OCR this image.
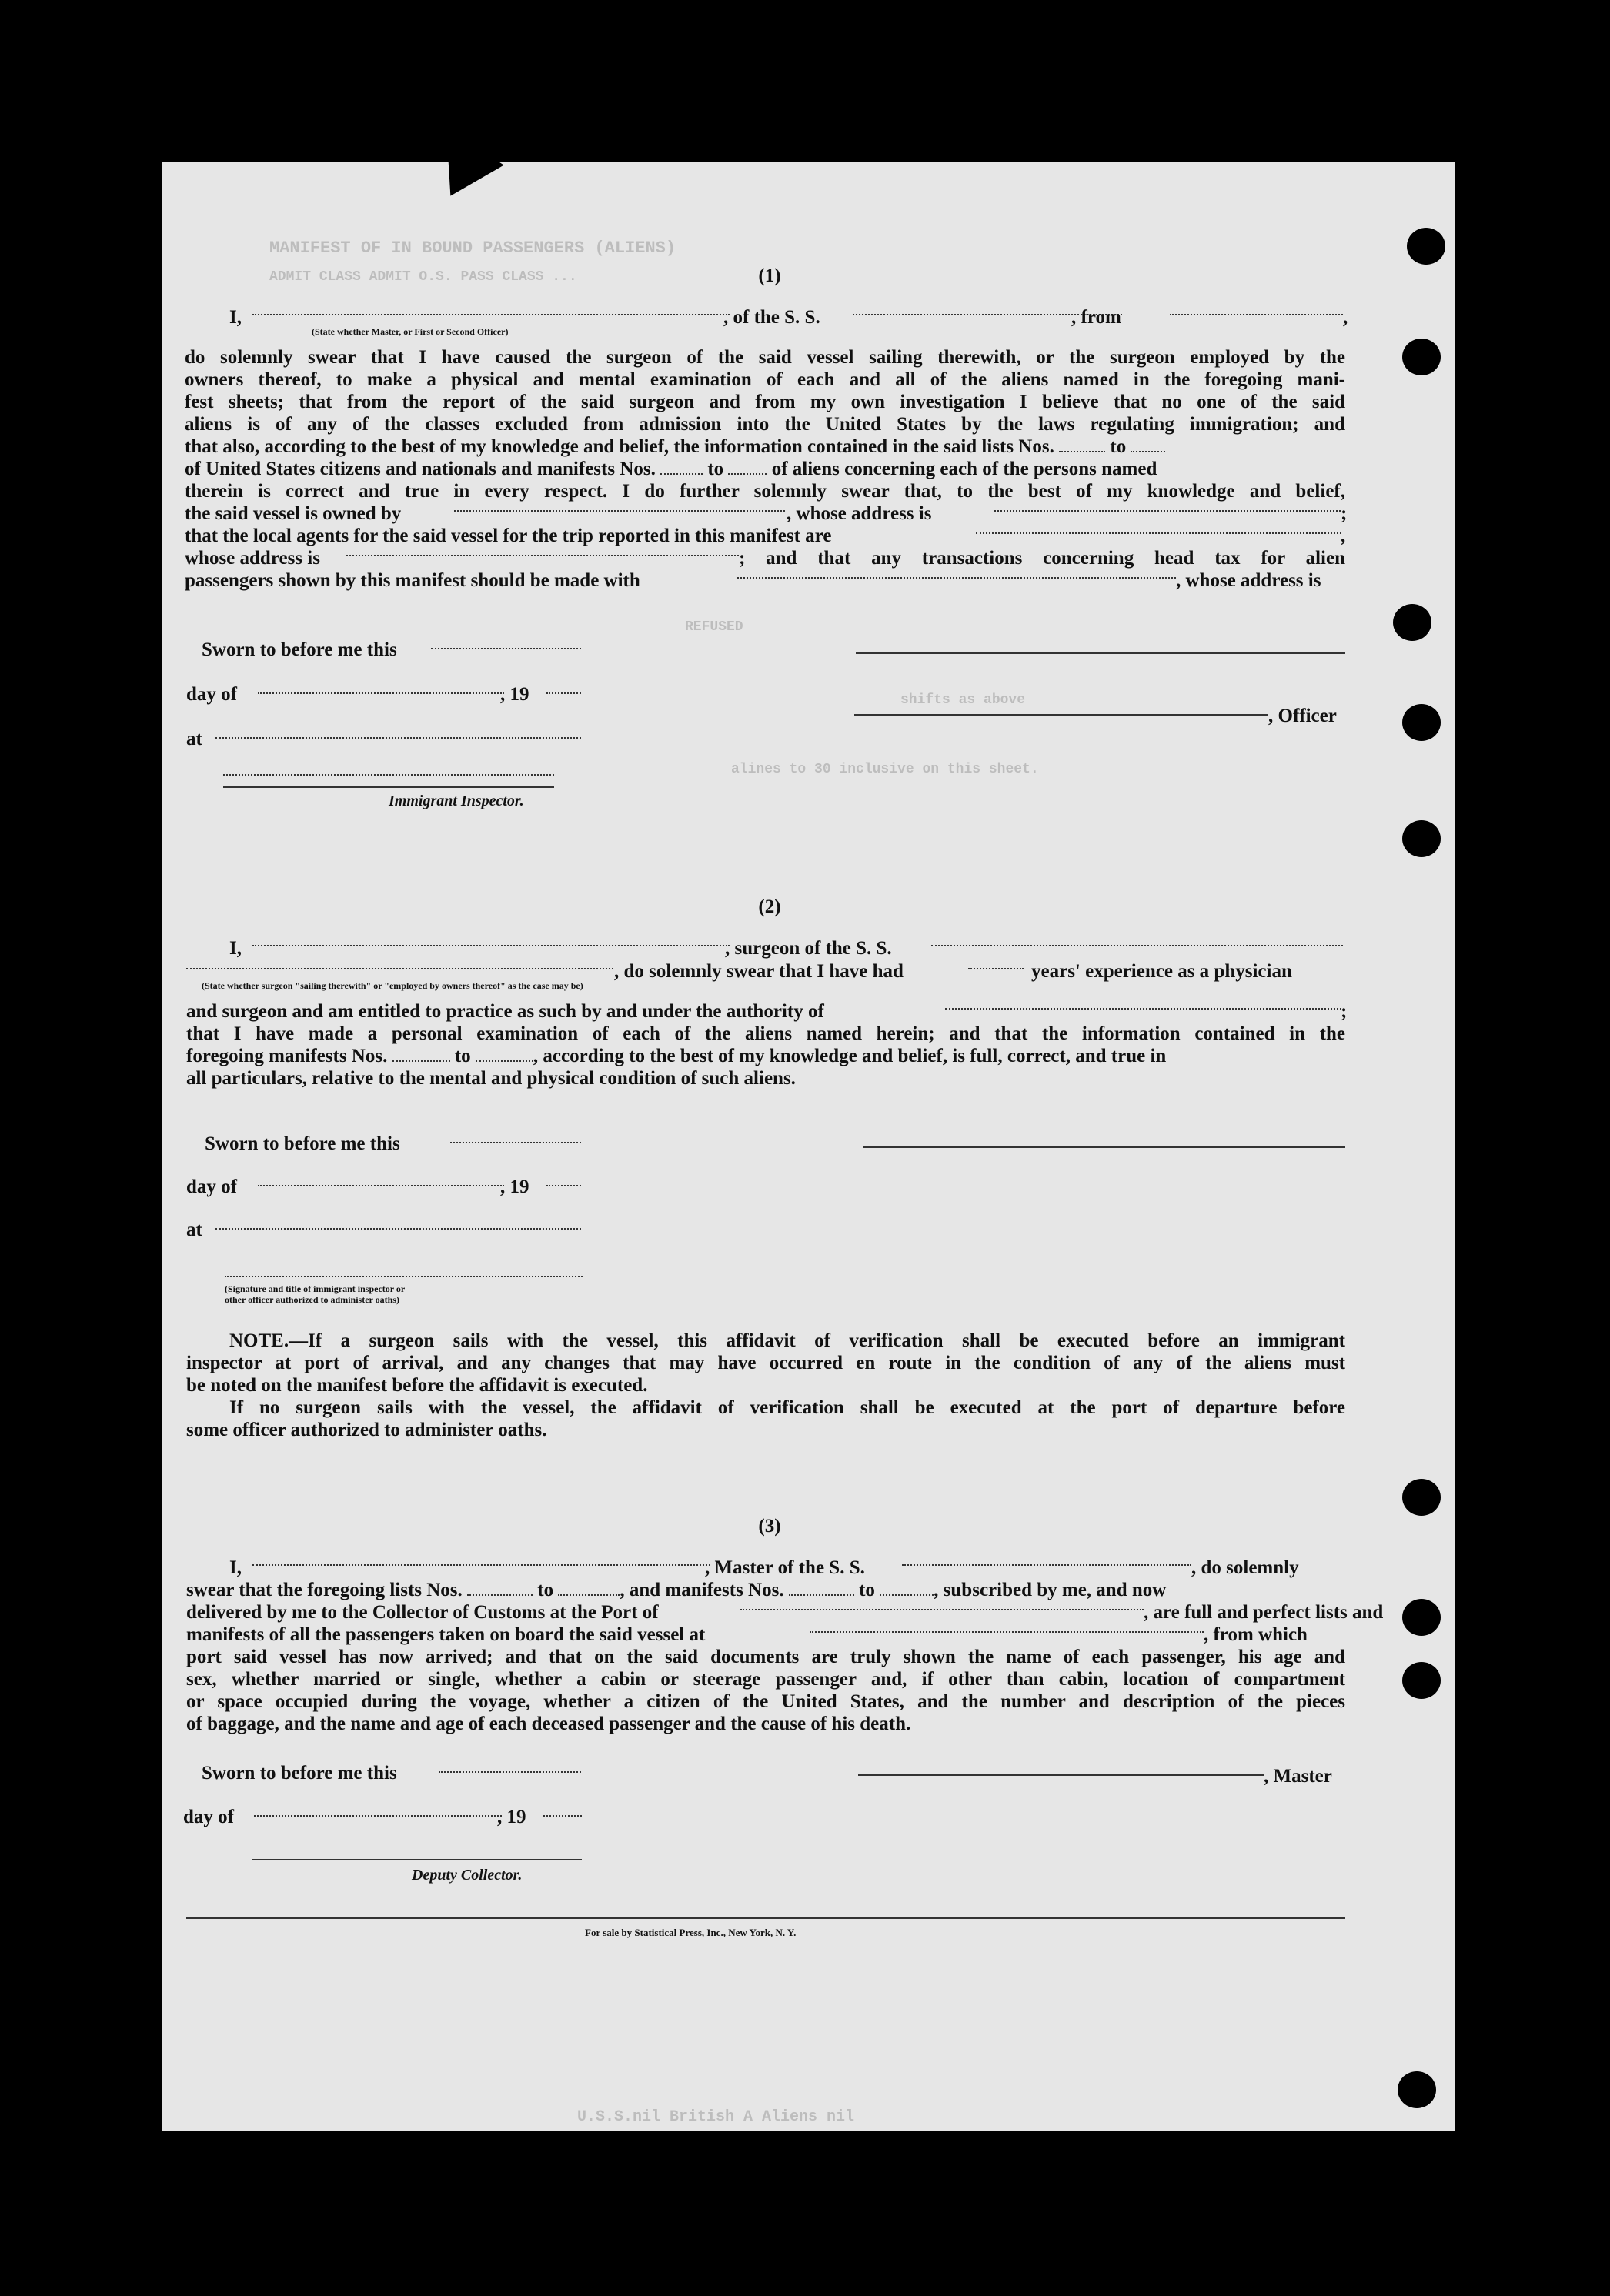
MANIFEST OF IN BOUND PASSENGERS (ALIENS)
ADMIT CLASS ADMIT O.S. PASS CLASS ...
REFUSED
alines to 30 inclusive on this sheet.
shifts as above
U.S.S.nil British A Aliens nil
(1)
I,	, of the S. S.	, from	,
(State whether Master, or First or Second Officer)
do solemnly swear that I have caused the surgeon of the said vessel sailing therewith, or the surgeon employed by the
owners thereof, to make a physical and mental examination of each and all of the aliens named in the foregoing mani-
fest sheets; that from the report of the said surgeon and from my own investigation I believe that no one of the said
aliens is of any of the classes excluded from admission into the United States by the laws regulating immigration; and
that also, according to the best of my knowledge and belief, the information contained in the said lists Nos.	to
of United States citizens and nationals and manifests Nos.	to	of aliens concerning each of the persons named
therein is correct and true in every respect. I do further solemnly swear that, to the best of my knowledge and belief,
the said vessel is owned by	, whose address is	;
that the local agents for the said vessel for the trip reported in this manifest are	,
whose address is	; and that any transactions concerning head tax for alien
passengers shown by this manifest should be made with	, whose address is
Sworn to before me this
day of	, 19
, Officer
at
Immigrant Inspector.
(2)
I,	, surgeon of the S. S.
, do solemnly swear that I have had	years' experience as a physician
(State whether surgeon "sailing therewith" or "employed by owners thereof" as the case may be)
and surgeon and am entitled to practice as such by and under the authority of	;
that I have made a personal examination of each of the aliens named herein; and that the information contained in the
foregoing manifests Nos.	to	, according to the best of my knowledge and belief, is full, correct, and true in
all particulars, relative to the mental and physical condition of such aliens.
Sworn to before me this
day of	, 19
at
(Signature and title of immigrant inspector or
other officer authorized to administer oaths)
NOTE.—If a surgeon sails with the vessel, this affidavit of verification shall be executed before an immigrant
inspector at port of arrival, and any changes that may have occurred en route in the condition of any of the aliens must
be noted on the manifest before the affidavit is executed.
If no surgeon sails with the vessel, the affidavit of verification shall be executed at the port of departure before
some officer authorized to administer oaths.
(3)
I,	, Master of the S. S.	, do solemnly
swear that the foregoing lists Nos.	to	, and manifests Nos.	to	, subscribed by me, and now
delivered by me to the Collector of Customs at the Port of	, are full and perfect lists and
manifests of all the passengers taken on board the said vessel at	, from which
port said vessel has now arrived; and that on the said documents are truly shown the name of each passenger, his age and
sex, whether married or single, whether a cabin or steerage passenger and, if other than cabin, location of compartment
or space occupied during the voyage, whether a citizen of the United States, and the number and description of the pieces
of baggage, and the name and age of each deceased passenger and the cause of his death.
Sworn to before me this	, Master
day of	, 19
Deputy Collector.
For sale by Statistical Press, Inc., New York, N. Y.
